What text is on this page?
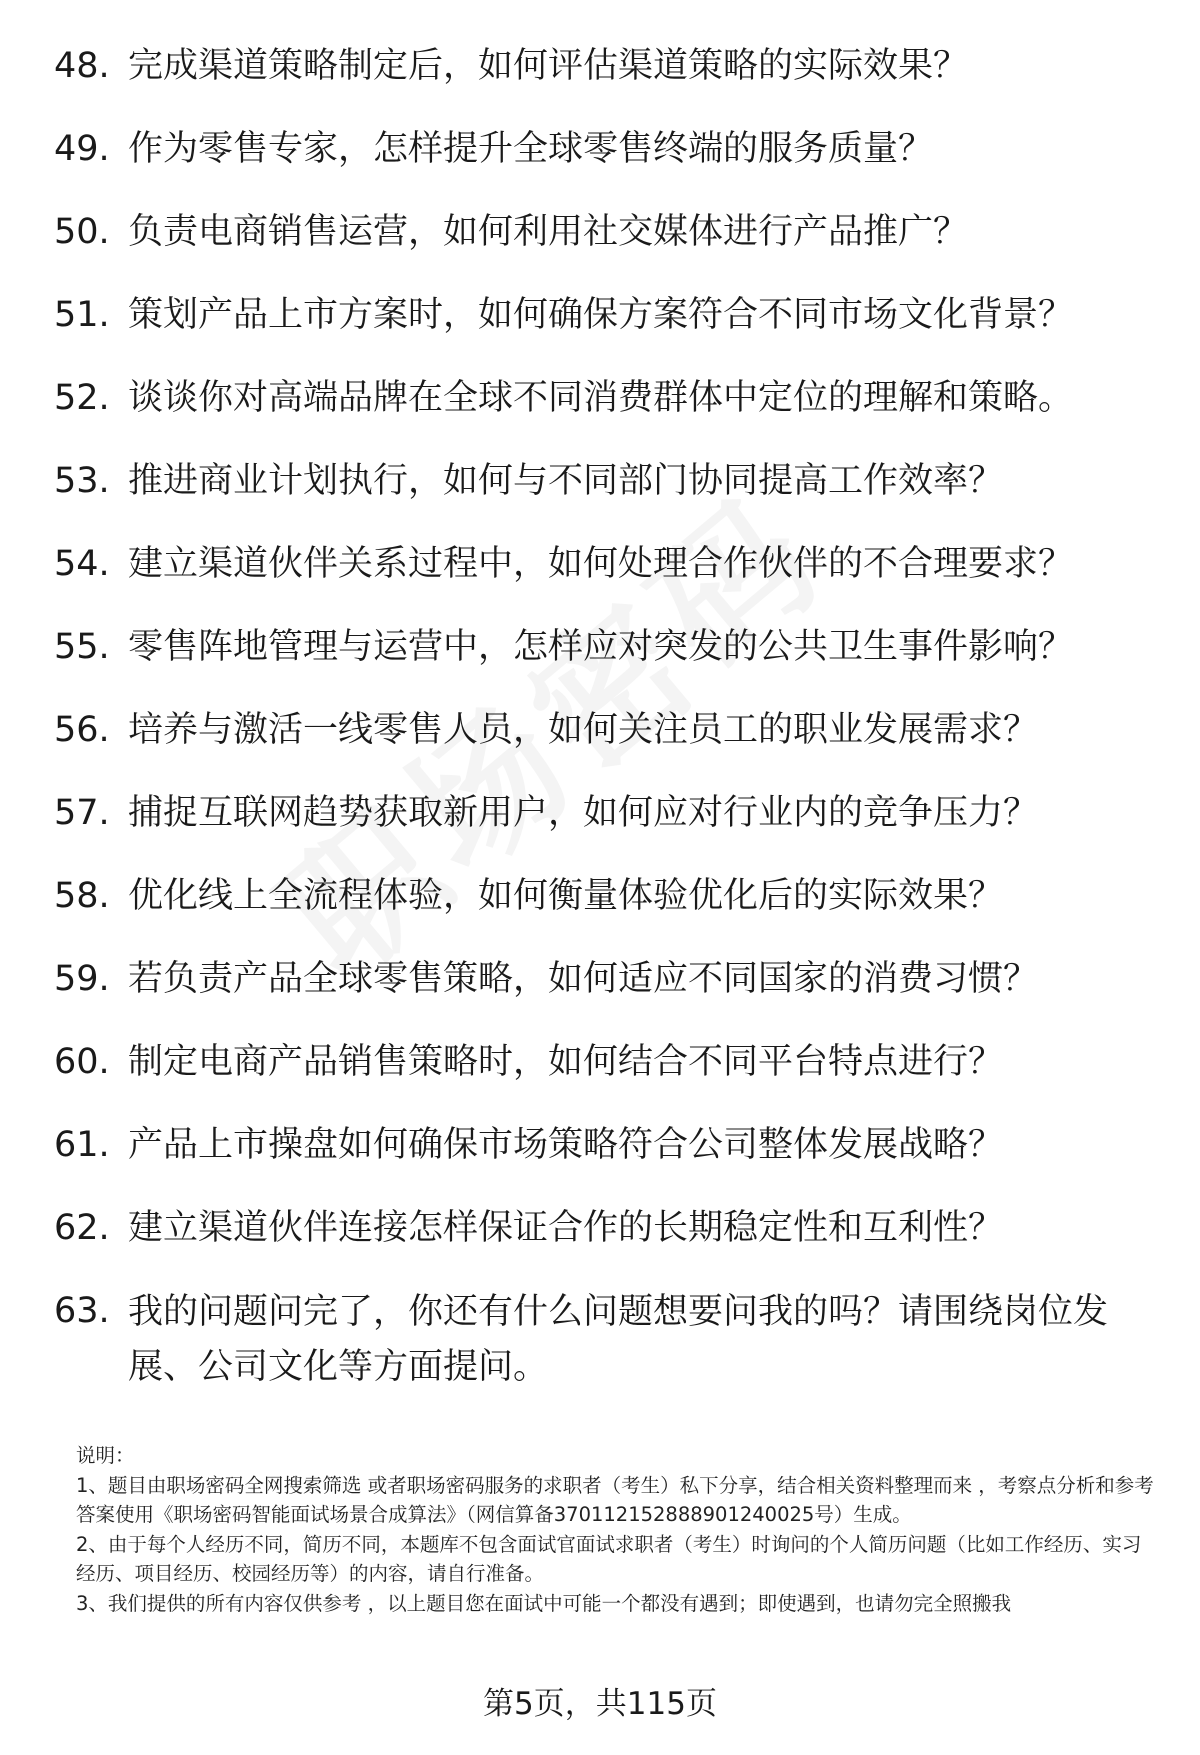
48. 完成渠道策略制定后，如何评估渠道策略的实际效果？
49. 作为零售专家，怎样提升全球零售终端的服务质量？
50. 负责电商销售运营，如何利用社交媒体进行产品推广？
51. 策划产品上市方案时，如何确保方案符合不同市场文化背景？
52. 谈谈你对高端品牌在全球不同消费群体中定位的理解和策略。
53. 推进商业计划执行，如何与不同部门协同提高工作效率？
54. 建立渠道伙伴关系过程中，如何处理合作伙伴的不合理要求？
55. 零售阵地管理与运营中，怎样应对突发的公共卫生事件影响？
56. 培养与激活一线零售人员，如何关注员工的职业发展需求？
57. 捕捉互联网趋势获取新用户，如何应对行业内的竞争压力？
58. 优化线上全流程体验，如何衡量体验优化后的实际效果？
59. 若负责产品全球零售策略，如何适应不同国家的消费习惯？
60. 制定电商产品销售策略时，如何结合不同平台特点进行？
61. 产品上市操盘如何确保市场策略符合公司整体发展战略？
62. 建立渠道伙伴连接怎样保证合作的长期稳定性和互利性？
63. 我的问题问完了，你还有什么问题想要问我的吗？请围绕岗位发展、公司文化等方面提问。
说明：
1、题目由职场密码全网搜索筛选 或者职场密码服务的求职者（考生）私下分享，结合相关资料整理而来 ，考察点分析和参考答案使用《职场密码智能面试场景合成算法》（网信算备370112152888901240025号）生成。
2、由于每个人经历不同，简历不同，本题库不包含面试官面试求职者（考生）时询问的个人简历问题（比如工作经历、实习经历、项目经历、校园经历等）的内容，请自行准备。
3、我们提供的所有内容仅供参考 ，以上题目您在面试中可能一个都没有遇到；即使遇到，也请勿完全照搬我
第5页，共115页
